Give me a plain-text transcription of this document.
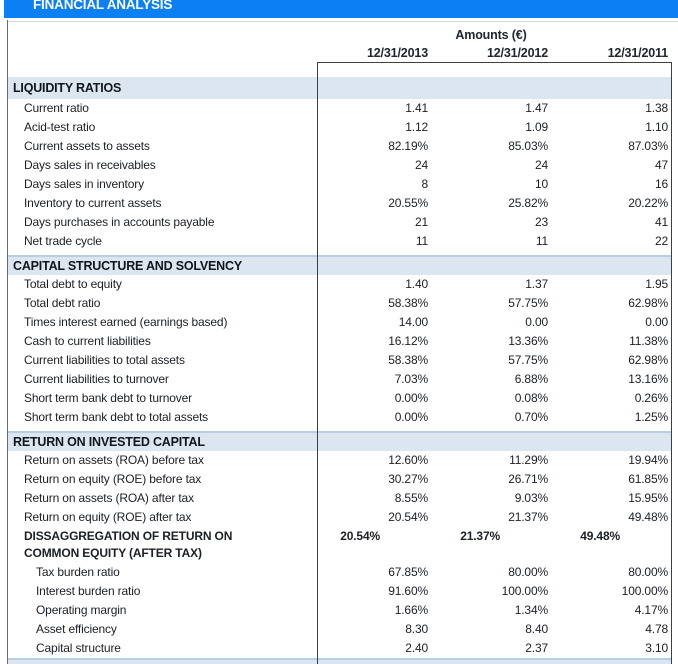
FINANCIAL ANALYSIS
Amounts (€)
12/31/2013	12/31/2012	12/31/2011
LIQUIDITY RATIOS
Current ratio	1.41	1.47	1.38
Acid-test ratio	1.12	1.09	1.10
Current assets to assets	82.19%	85.03%	87.03%
Days sales in receivables	24	24	47
Days sales in inventory	8	10	16
Inventory to current assets	20.55%	25.82%	20.22%
Days purchases in accounts payable	21	23	41
Net trade cycle	11	11	22
CAPITAL STRUCTURE AND SOLVENCY
Total debt to equity	1.40	1.37	1.95
Total debt ratio	58.38%	57.75%	62.98%
Times interest earned (earnings based)	14.00	0.00	0.00
Cash to current liabilities	16.12%	13.36%	11.38%
Current liabilities to total assets	58.38%	57.75%	62.98%
Current liabilities to turnover	7.03%	6.88%	13.16%
Short term bank debt to turnover	0.00%	0.08%	0.26%
Short term bank debt to total assets	0.00%	0.70%	1.25%
RETURN ON INVESTED CAPITAL
Return on assets (ROA) before tax	12.60%	11.29%	19.94%
Return on equity (ROE) before tax	30.27%	26.71%	61.85%
Return on assets (ROA) after tax	8.55%	9.03%	15.95%
Return on equity (ROE) after tax	20.54%	21.37%	49.48%
DISSAGGREGATION OF RETURN ON COMMON EQUITY (AFTER TAX)
20.54%	21.37%	49.48%
Tax burden ratio	67.85%	80.00%	80.00%
Interest burden ratio	91.60%	100.00%	100.00%
Operating margin	1.66%	1.34%	4.17%
Asset efficiency	8.30	8.40	4.78
Capital structure	2.40	2.37	3.10
